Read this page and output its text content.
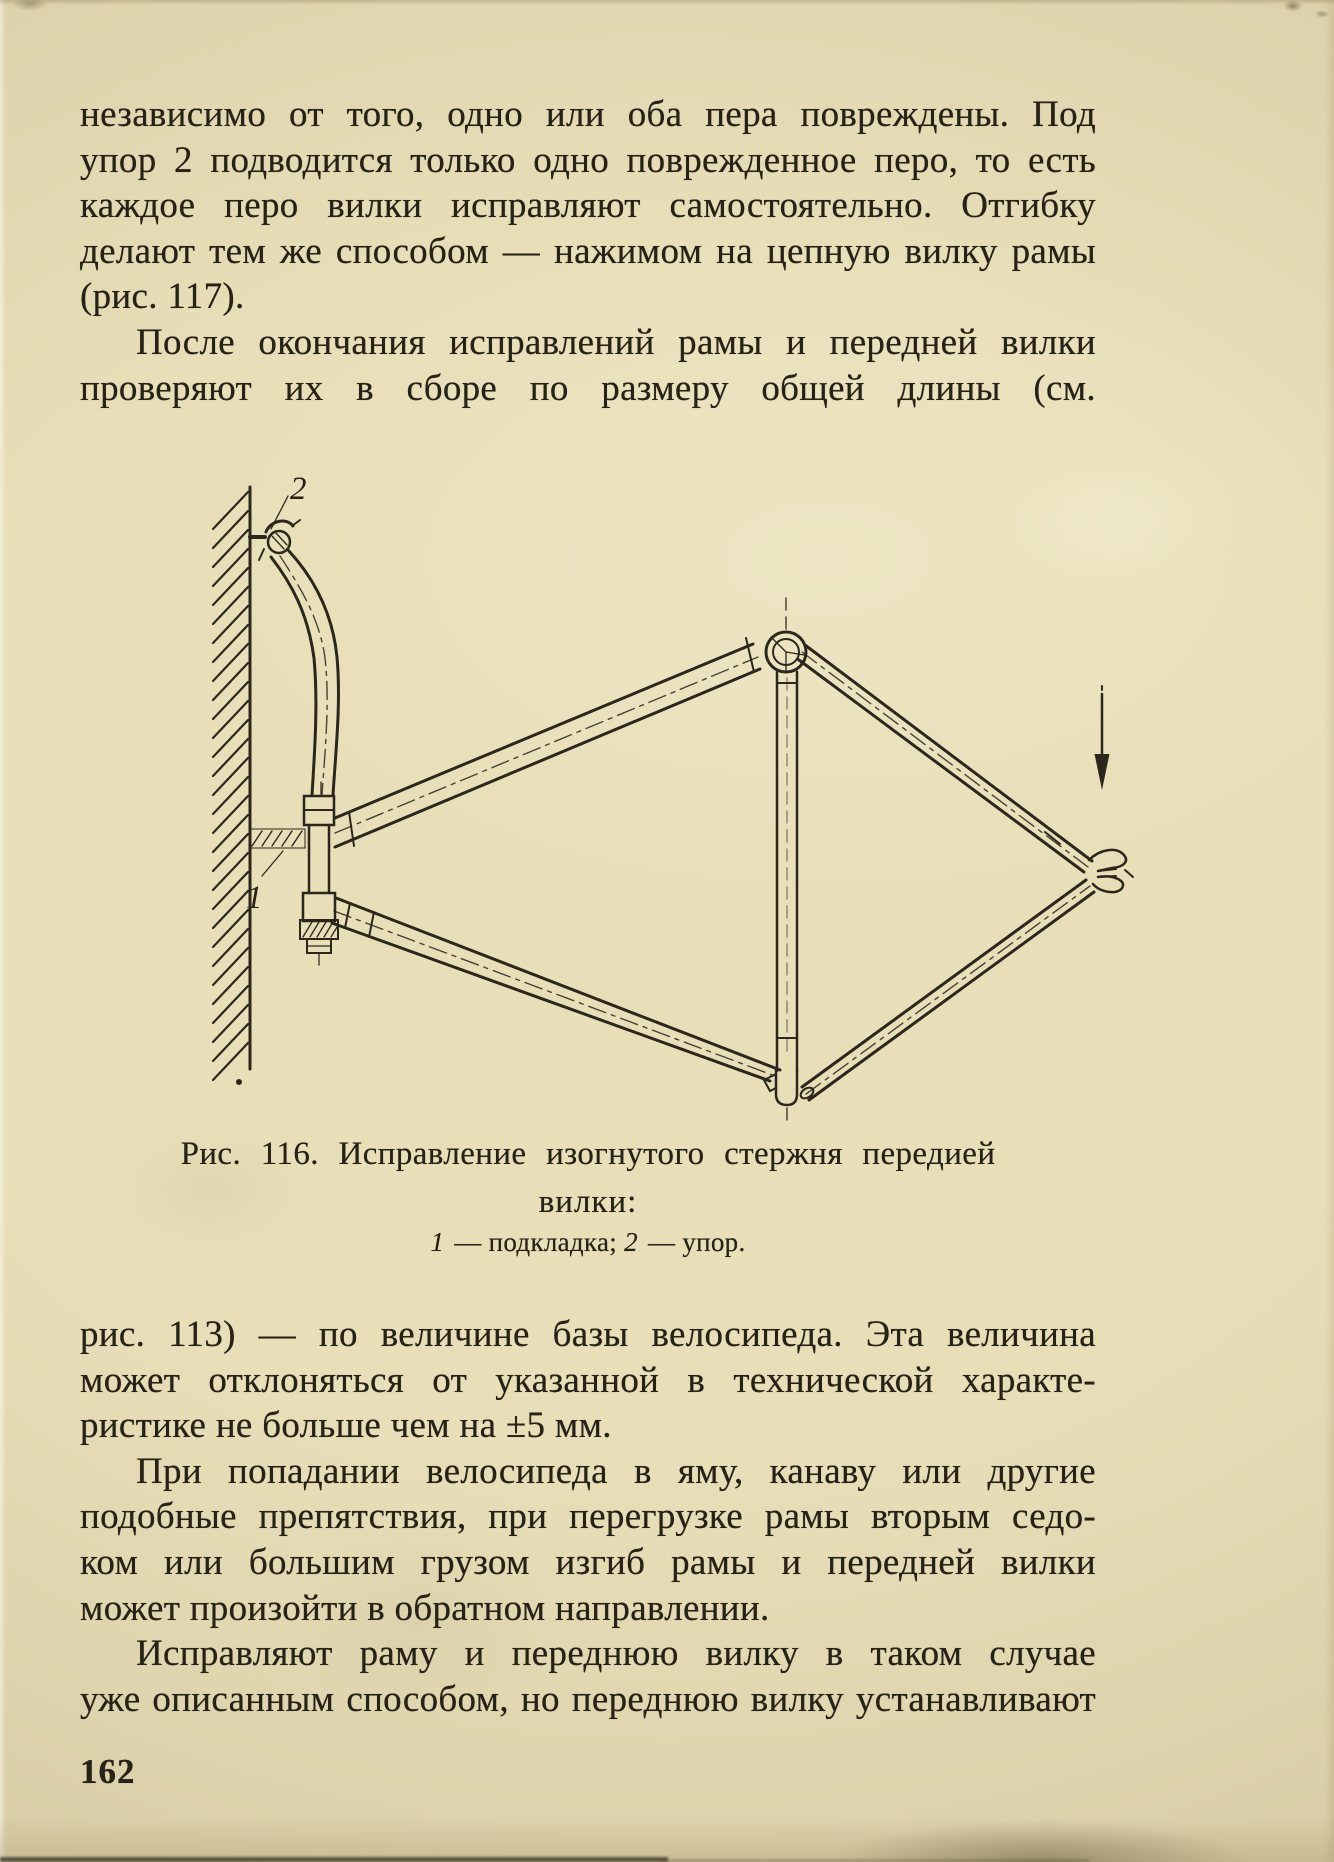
независимо от того, одно или оба пера повреждены. Под
упор 2 подводится только одно поврежденное перо, то есть
каждое перо вилки исправляют самостоятельно. Отгибку
делают тем же способом — нажимом на цепную вилку рамы
(рис. 117).
После окончания исправлений рамы и передней вилки
проверяют их в сборе по размеру общей длины (см.
2
1
Рис. 116. Исправление изогнутого стержня передией
вилки:
1 — подкладка; 2 — упор.
рис. 113) — по величине базы велосипеда. Эта величина
может отклоняться от указанной в технической характе-
ристике не больше чем на ±5 мм.
При попадании велосипеда в яму, канаву или другие
подобные препятствия, при перегрузке рамы вторым седо-
ком или большим грузом изгиб рамы и передней вилки
может произойти в обратном направлении.
Исправляют раму и переднюю вилку в таком случае
уже описанным способом, но переднюю вилку устанавливают
162
